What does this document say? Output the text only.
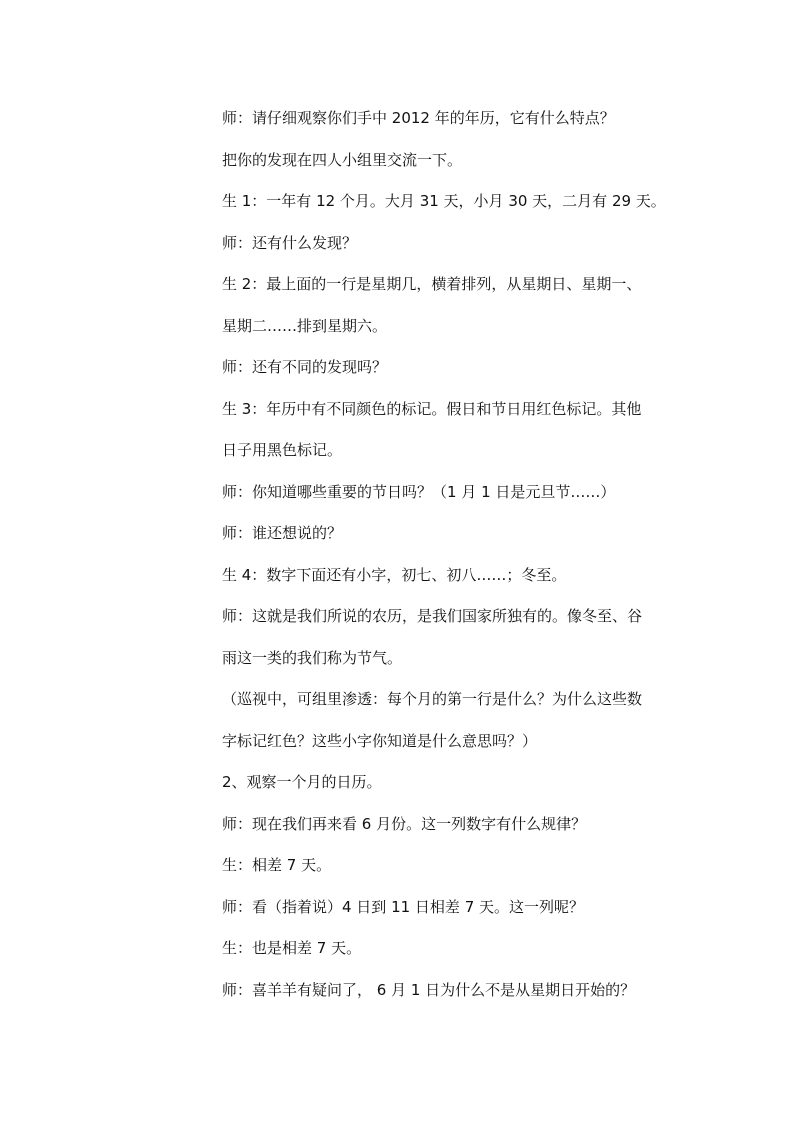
师：请仔细观察你们手中 2012 年的年历，它有什么特点？

把你的发现在四人小组里交流一下。

生 1：一年有 12 个月。大月 31 天，小月 30 天，二月有 29 天。

师：还有什么发现？

生 2：最上面的一行是星期几，横着排列，从星期日、星期一、

星期二……排到星期六。

师：还有不同的发现吗？

生 3：年历中有不同颜色的标记。假日和节日用红色标记。其他

日子用黑色标记。

师：你知道哪些重要的节日吗？（1 月 1 日是元旦节……）

师：谁还想说的？

生 4：数字下面还有小字，初七、初八……；冬至。

师：这就是我们所说的农历，是我们国家所独有的。像冬至、谷

雨这一类的我们称为节气。

（巡视中，可组里渗透：每个月的第一行是什么？为什么这些数

字标记红色？这些小字你知道是什么意思吗？）

2、观察一个月的日历。

师：现在我们再来看 6 月份。这一列数字有什么规律？

生：相差 7 天。

师：看（指着说）4 日到 11 日相差 7 天。这一列呢？

生：也是相差 7 天。

师：喜羊羊有疑问了， 6 月 1 日为什么不是从星期日开始的？
